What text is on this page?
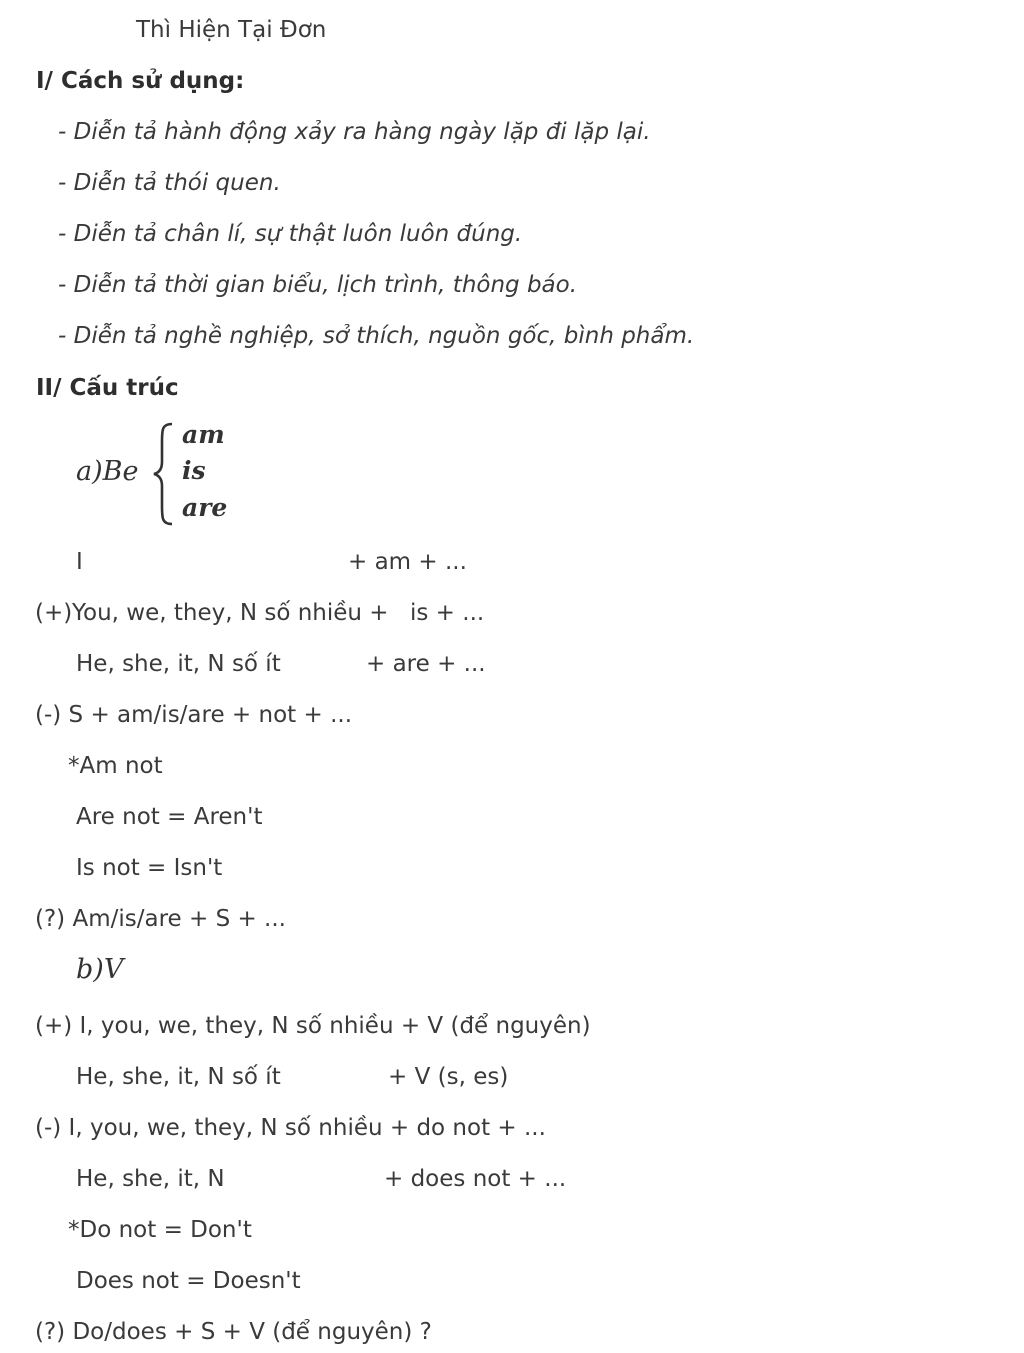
Thì Hiện Tại Đơn
I/ Cách sử dụng:
- Diễn tả hành động xảy ra hàng ngày lặp đi lặp lại.
- Diễn tả thói quen.
- Diễn tả chân lí, sự thật luôn luôn đúng.
- Diễn tả thời gian biểu, lịch trình, thông báo.
- Diễn tả nghề nghiệp, sở thích, nguồn gốc, bình phẩm.
II/ Cấu trúc
a)Be
am
is
are
I	+ am + ...
(+) You, we, they, N số nhiều + is + ...
He, she, it, N số ít	+ are + ...
(-) S + am/is/are + not + ...
*Am not
Are not = Aren't
Is not = Isn't
(?) Am/is/are + S + ...
b)V
(+) I, you, we, they, N số nhiều + V (để nguyên)
He, she, it, N số ít	+ V (s, es)
(-) I, you, we, they, N số nhiều + do not + ...
He, she, it, N	+ does not + ...
*Do not = Don't
Does not = Doesn't
(?) Do/does + S + V (để nguyên) ?
